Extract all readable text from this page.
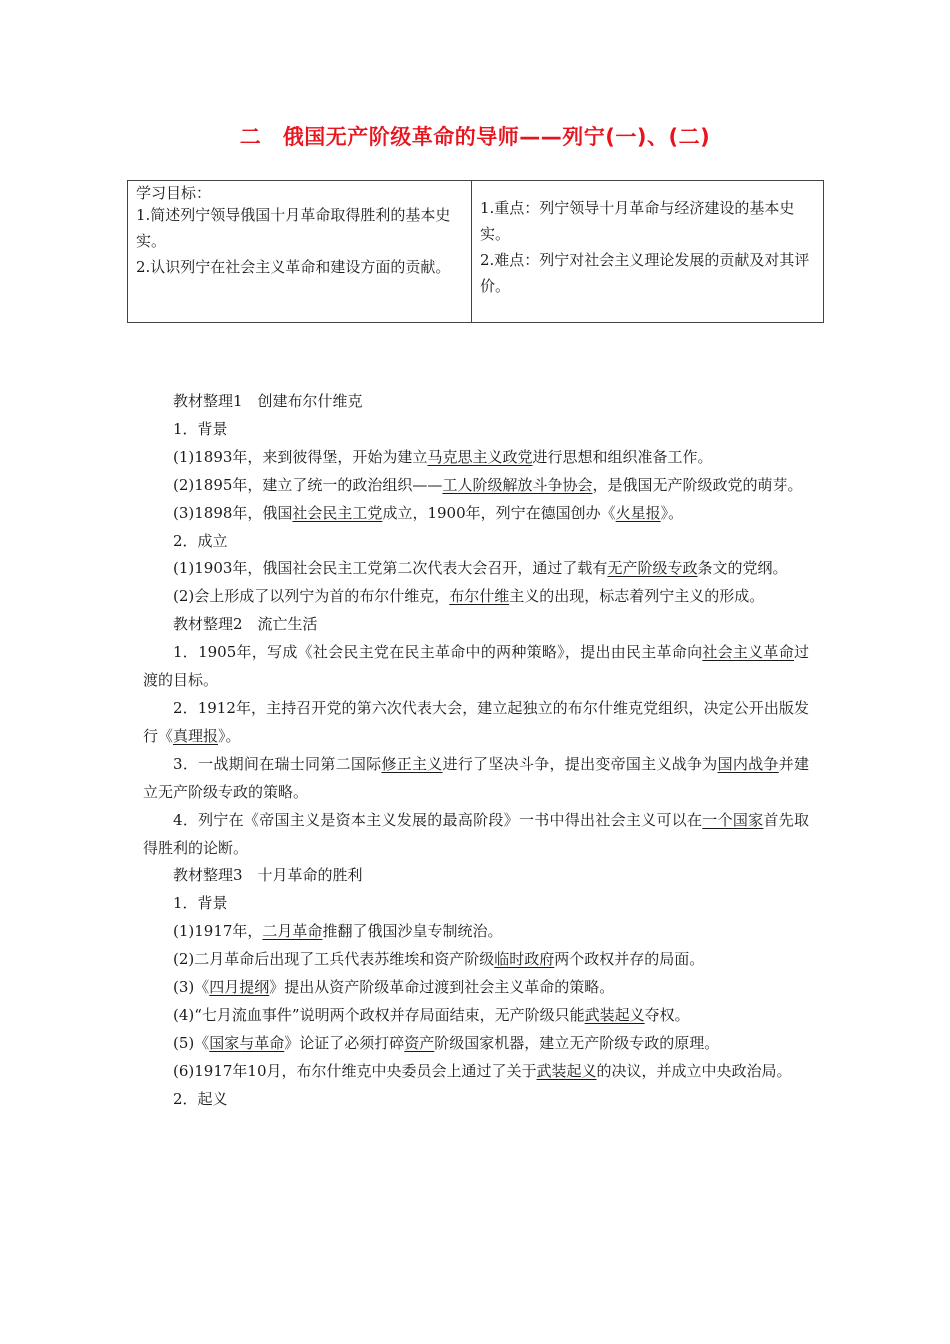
二　俄国无产阶级革命的导师——列宁(一)、(二)
学习目标：
1.简述列宁领导俄国十月革命取得胜利的基本史实。
2.认识列宁在社会主义革命和建设方面的贡献。
1.重点：列宁领导十月革命与经济建设的基本史实。
2.难点：列宁对社会主义理论发展的贡献及对其评价。

教材整理1　创建布尔什维克

1．背景

(1)1893年，来到彼得堡，开始为建立马克思主义政党进行思想和组织准备工作。

(2)1895年，建立了统一的政治组织——工人阶级解放斗争协会，是俄国无产阶级政党的萌芽。

(3)1898年，俄国社会民主工党成立，1900年，列宁在德国创办《火星报》。

2．成立

(1)1903年，俄国社会民主工党第二次代表大会召开，通过了载有无产阶级专政条文的党纲。

(2)会上形成了以列宁为首的布尔什维克，布尔什维主义的出现，标志着列宁主义的形成。

教材整理2　流亡生活

1．1905年，写成《社会民主党在民主革命中的两种策略》，提出由民主革命向社会主义革命过渡的目标。

2．1912年，主持召开党的第六次代表大会，建立起独立的布尔什维克党组织，决定公开出版发行《真理报》。

3．一战期间在瑞士同第二国际修正主义进行了坚决斗争，提出变帝国主义战争为国内战争并建立无产阶级专政的策略。

4．列宁在《帝国主义是资本主义发展的最高阶段》一书中得出社会主义可以在一个国家首先取得胜利的论断。

教材整理3　十月革命的胜利

1．背景

(1)1917年，二月革命推翻了俄国沙皇专制统治。

(2)二月革命后出现了工兵代表苏维埃和资产阶级临时政府两个政权并存的局面。

(3)《四月提纲》提出从资产阶级革命过渡到社会主义革命的策略。

(4)“七月流血事件”说明两个政权并存局面结束，无产阶级只能武装起义夺权。

(5)《国家与革命》论证了必须打碎资产阶级国家机器，建立无产阶级专政的原理。

(6)1917年10月，布尔什维克中央委员会上通过了关于武装起义的决议，并成立中央政治局。

2．起义
